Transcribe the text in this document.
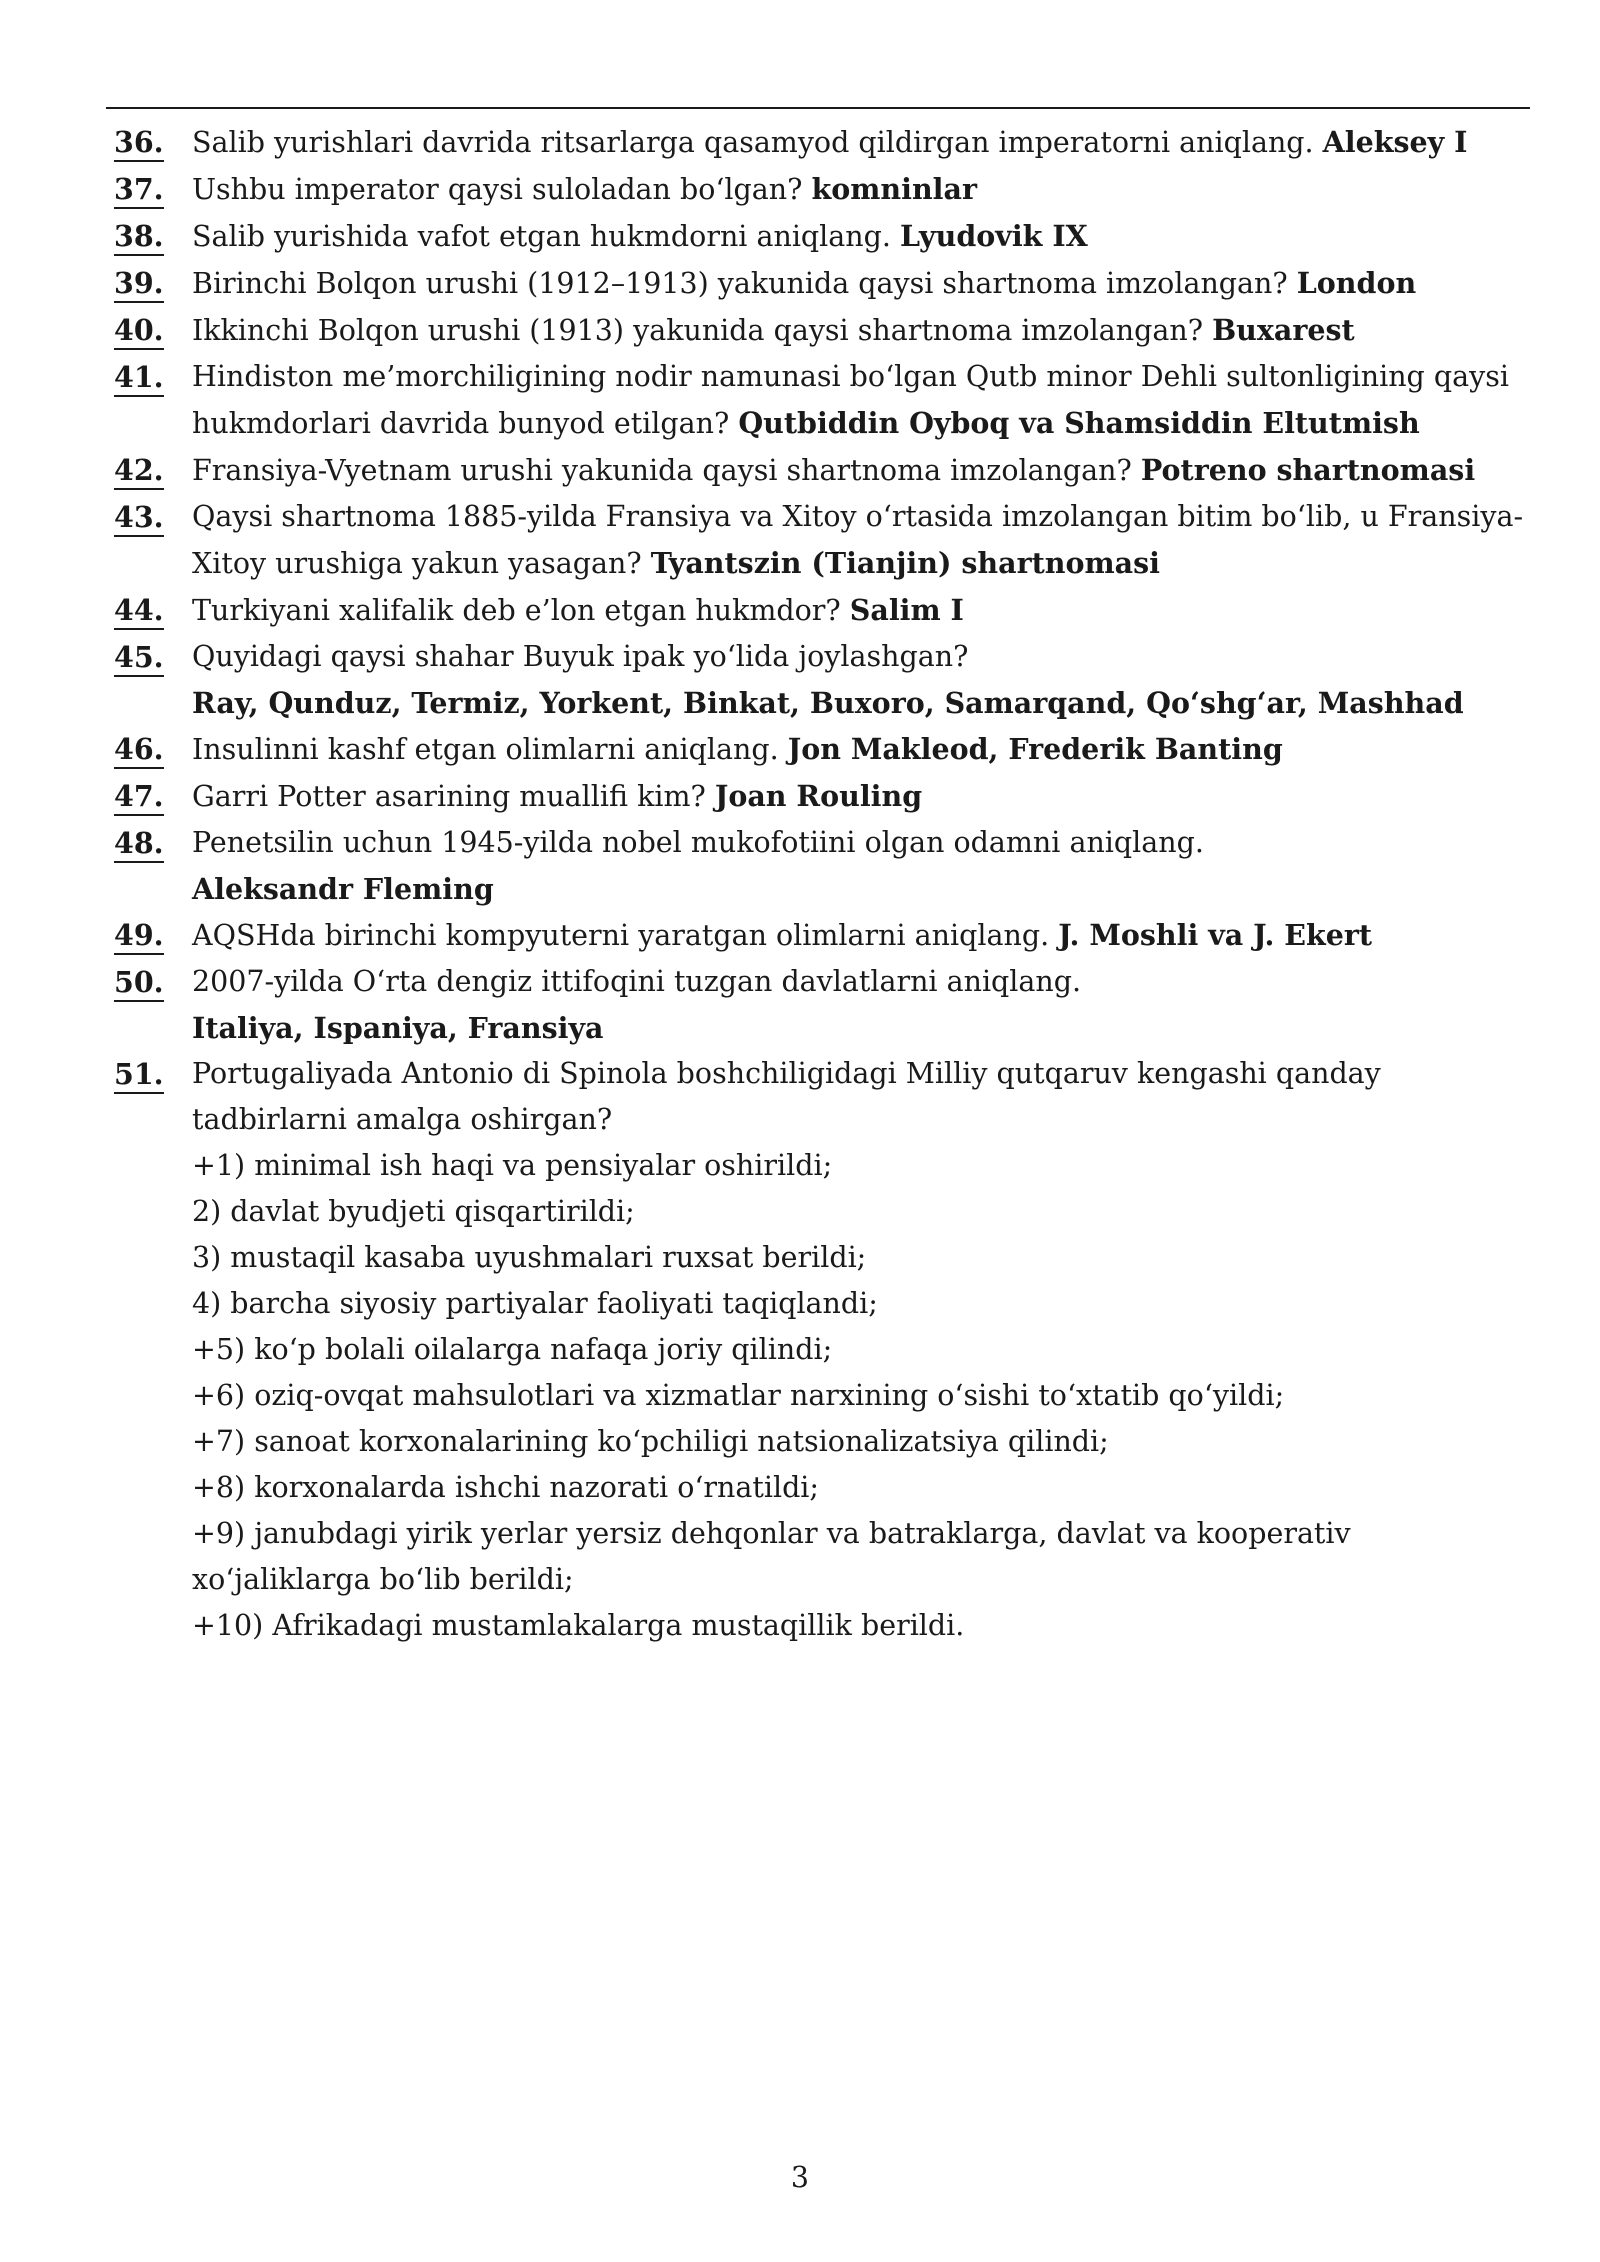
36. Salib yurishlari davrida ritsarlarga qasamyod qildirgan imperatorni aniqlang. Aleksey I
37. Ushbu imperator qaysi suloladan bo‘lgan? komninlar
38. Salib yurishida vafot etgan hukmdorni aniqlang. Lyudovik IX
39. Birinchi Bolqon urushi (1912–1913) yakunida qaysi shartnoma imzolangan? London
40. Ikkinchi Bolqon urushi (1913) yakunida qaysi shartnoma imzolangan? Buxarest
41. Hindiston me’morchiligining nodir namunasi bo‘lgan Qutb minor Dehli sultonligining qaysi hukmdorlari davrida bunyod etilgan? Qutbiddin Oyboq va Shamsiddin Eltutmish
42. Fransiya-Vyetnam urushi yakunida qaysi shartnoma imzolangan? Potreno shartnomasi
43. Qaysi shartnoma 1885-yilda Fransiya va Xitoy o‘rtasida imzolangan bitim bo‘lib, u Fransiya-Xitoy urushiga yakun yasagan? Tyantszin (Tianjin) shartnomasi
44. Turkiyani xalifalik deb e’lon etgan hukmdor? Salim I
45. Quyidagi qaysi shahar Buyuk ipak yo‘lida joylashgan?
Ray, Qunduz, Termiz, Yorkent, Binkat, Buxoro, Samarqand, Qo‘shg‘ar, Mashhad
46. Insulinni kashf etgan olimlarni aniqlang. Jon Makleod, Frederik Banting
47. Garri Potter asarining muallifi kim? Joan Rouling
48. Penetsilin uchun 1945-yilda nobel mukofotiini olgan odamni aniqlang.
Aleksandr Fleming
49. AQSHda birinchi kompyuterni yaratgan olimlarni aniqlang. J. Moshli va J. Ekert
50. 2007-yilda O‘rta dengiz ittifoqini tuzgan davlatlarni aniqlang.
Italiya, Ispaniya, Fransiya
51. Portugaliyada Antonio di Spinola boshchiligidagi Milliy qutqaruv kengashi qanday tadbirlarni amalga oshirgan?
+1) minimal ish haqi va pensiyalar oshirildi;
2) davlat byudjeti qisqartirildi;
3) mustaqil kasaba uyushmalari ruxsat berildi;
4) barcha siyosiy partiyalar faoliyati taqiqlandi;
+5) ko‘p bolali oilalarga nafaqa joriy qilindi;
+6) oziq-ovqat mahsulotlari va xizmatlar narxining o‘sishi to‘xtatib qo‘yildi;
+7) sanoat korxonalarining ko‘pchiligi natsionalizatsiya qilindi;
+8) korxonalarda ishchi nazorati o‘rnatildi;
+9) janubdagi yirik yerlar yersiz dehqonlar va batraklarga, davlat va kooperativ xo‘jaliklarga bo‘lib berildi;
+10) Afrikadagi mustamlakalarga mustaqillik berildi.
3
